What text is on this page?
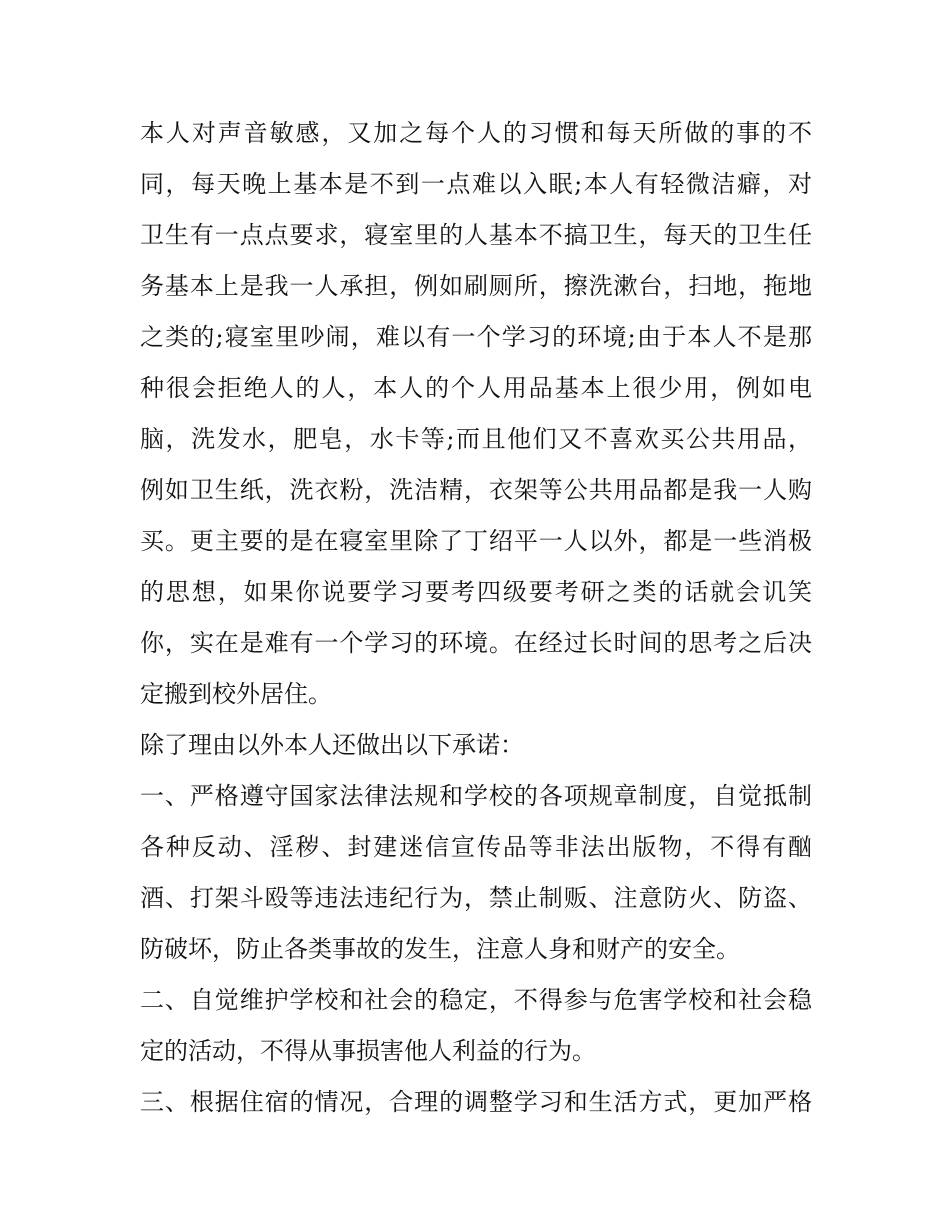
本人对声音敏感，又加之每个人的习惯和每天所做的事的不
同，每天晚上基本是不到一点难以入眠;本人有轻微洁癖，对
卫生有一点点要求，寝室里的人基本不搞卫生，每天的卫生任
务基本上是我一人承担，例如刷厕所，擦洗漱台，扫地，拖地
之类的;寝室里吵闹，难以有一个学习的环境;由于本人不是那
种很会拒绝人的人，本人的个人用品基本上很少用，例如电
脑，洗发水，肥皂，水卡等;而且他们又不喜欢买公共用品，
例如卫生纸，洗衣粉，洗洁精，衣架等公共用品都是我一人购
买。更主要的是在寝室里除了丁绍平一人以外，都是一些消极
的思想，如果你说要学习要考四级要考研之类的话就会讥笑
你，实在是难有一个学习的环境。在经过长时间的思考之后决
定搬到校外居住。
除了理由以外本人还做出以下承诺：
一、严格遵守国家法律法规和学校的各项规章制度，自觉抵制
各种反动、淫秽、封建迷信宣传品等非法出版物，不得有酗
酒、打架斗殴等违法违纪行为，禁止制贩、注意防火、防盗、
防破坏，防止各类事故的发生，注意人身和财产的安全。
二、自觉维护学校和社会的稳定，不得参与危害学校和社会稳
定的活动，不得从事损害他人利益的行为。
三、根据住宿的情况，合理的调整学习和生活方式，更加严格
